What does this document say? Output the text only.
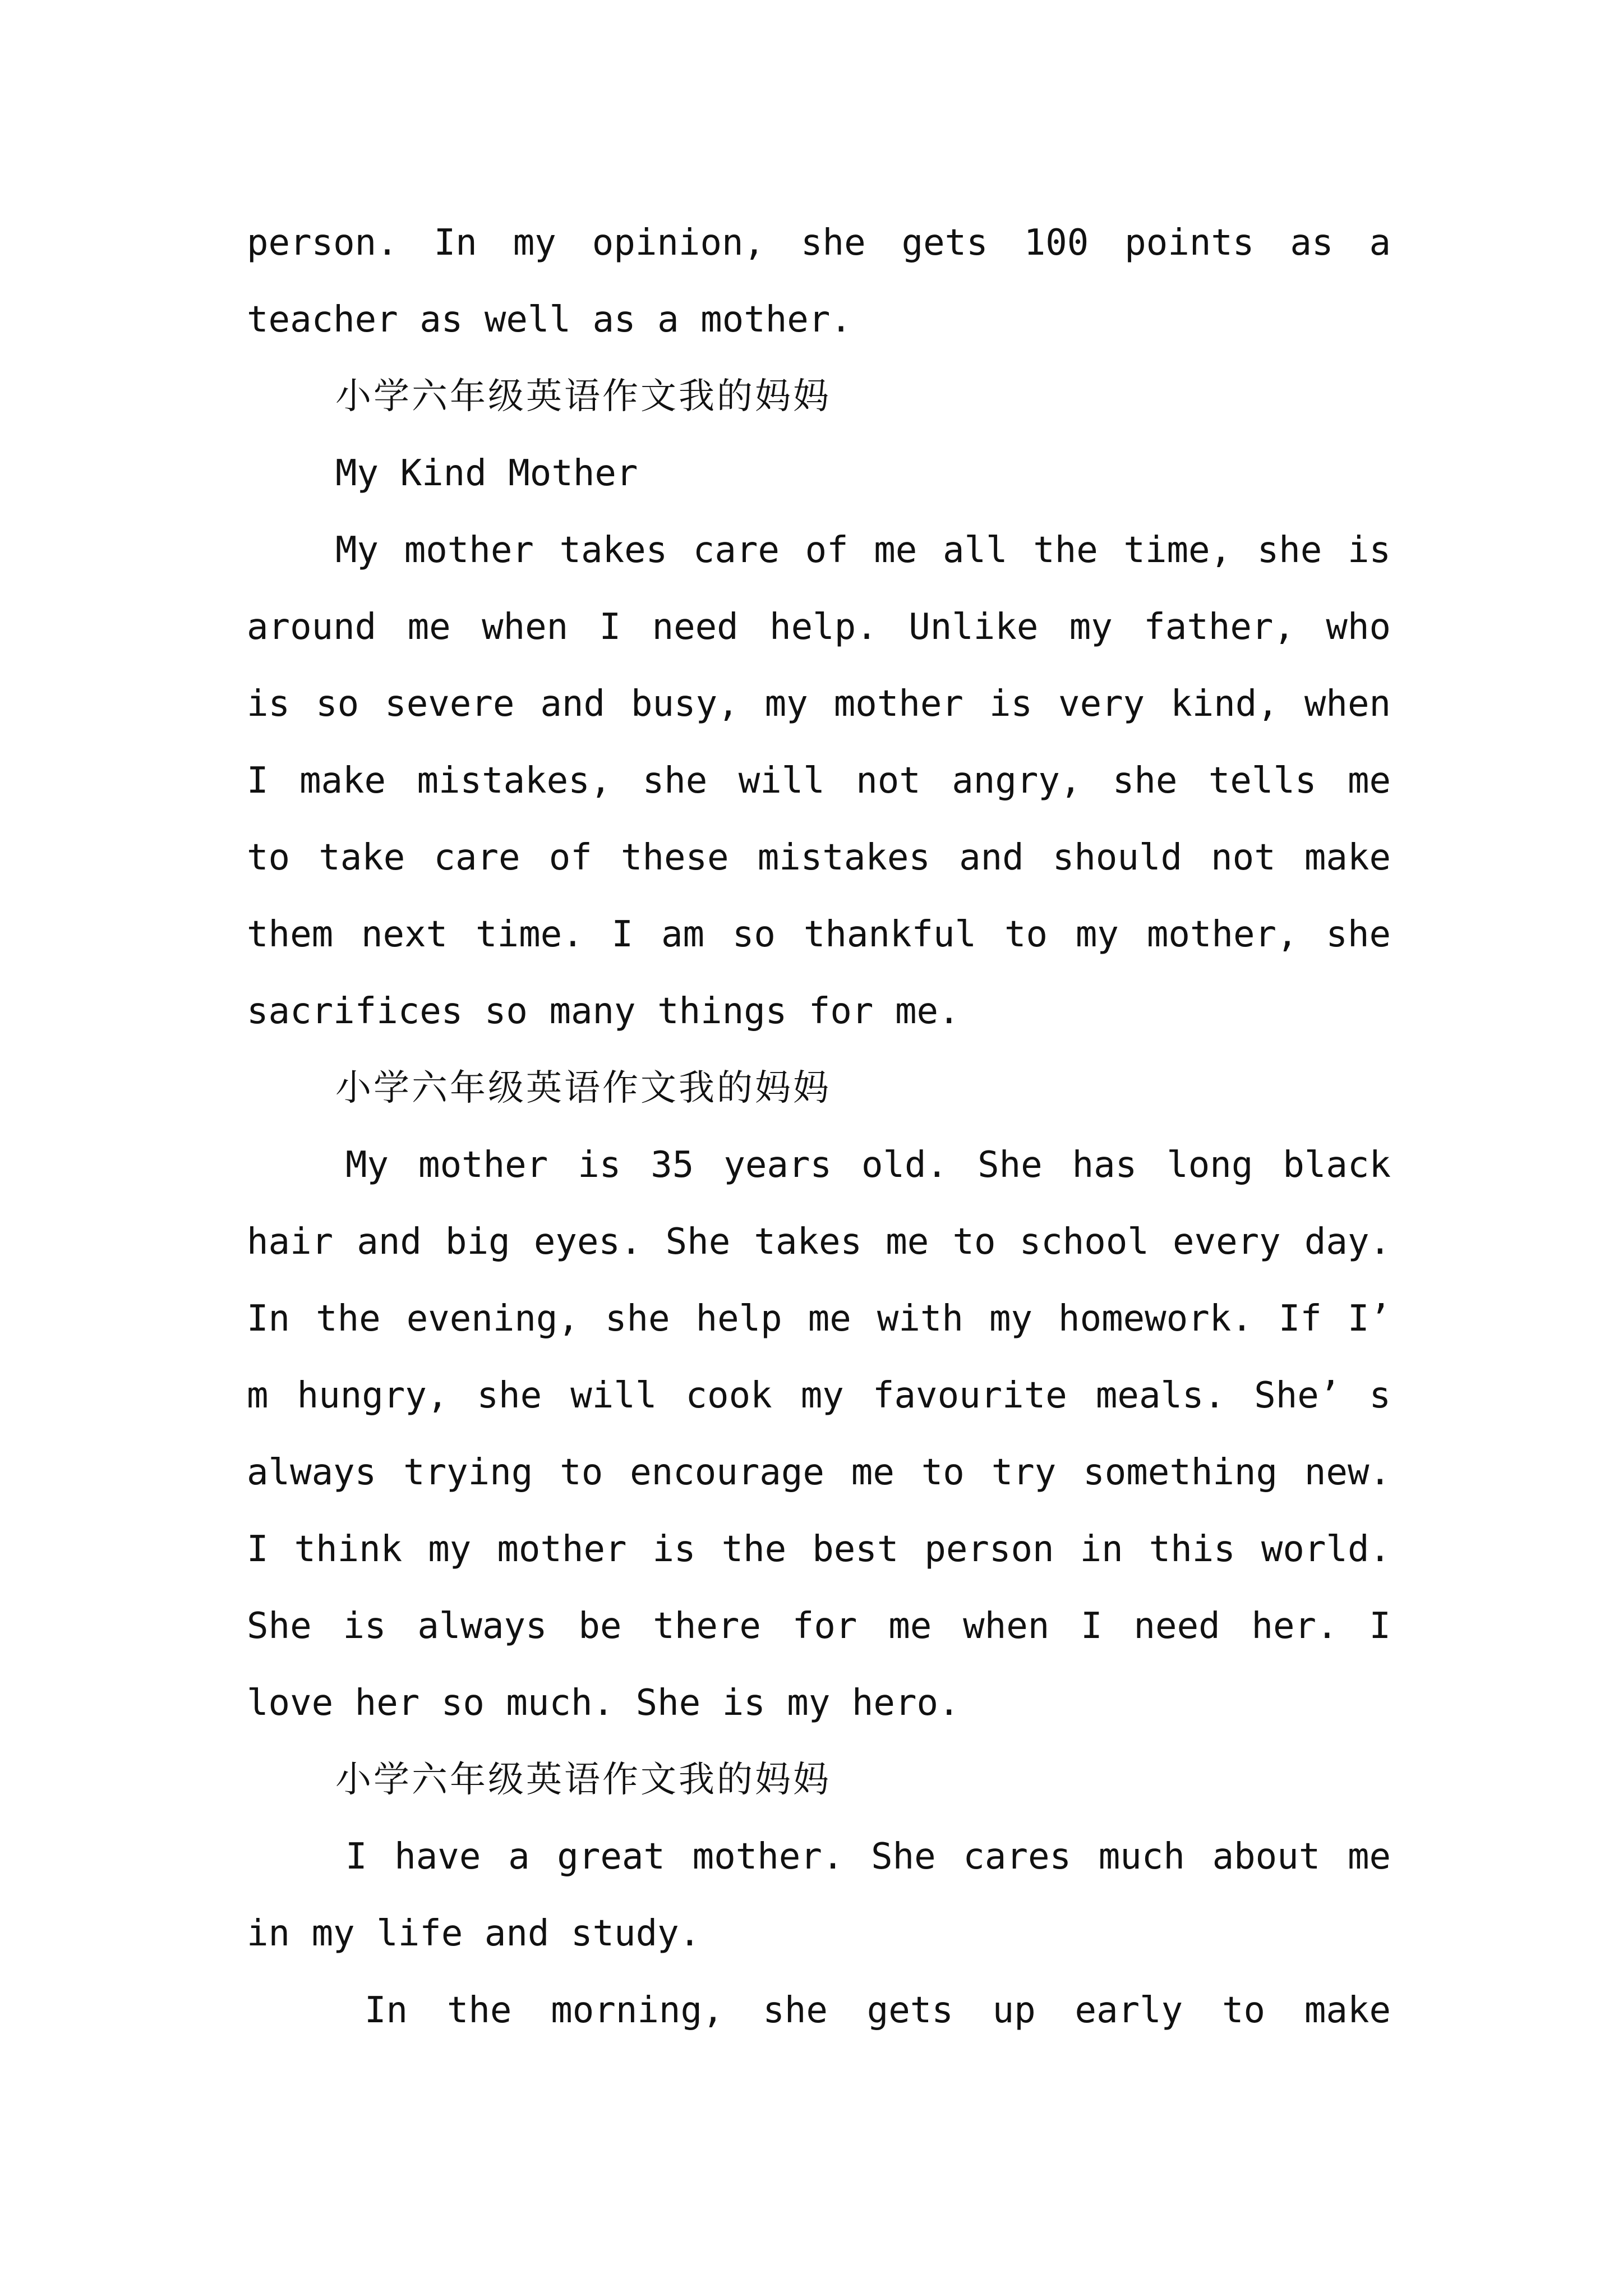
person. In my opinion, she gets 100 points as a
teacher as well as a mother.
小学六年级英语作文我的妈妈
My Kind Mother
My mother takes care of me all the time, she is
around me when I need help. Unlike my father, who
is so severe and busy, my mother is very kind, when
I make mistakes, she will not angry, she tells me
to take care of these mistakes and should not make
them next time. I am so thankful to my mother, she
sacrifices so many things for me.
小学六年级英语作文我的妈妈
My mother is 35 years old. She has long black
hair and big eyes. She takes me to school every day.
In the evening, she help me with my homework. If I’
m hungry, she will cook my favourite meals. She’ s
always trying to encourage me to try something new.
I think my mother is the best person in this world.
She is always be there for me when I need her. I
love her so much. She is my hero.
小学六年级英语作文我的妈妈
I have a great mother. She cares much about me
in my life and study.
In the morning, she gets up early to make
